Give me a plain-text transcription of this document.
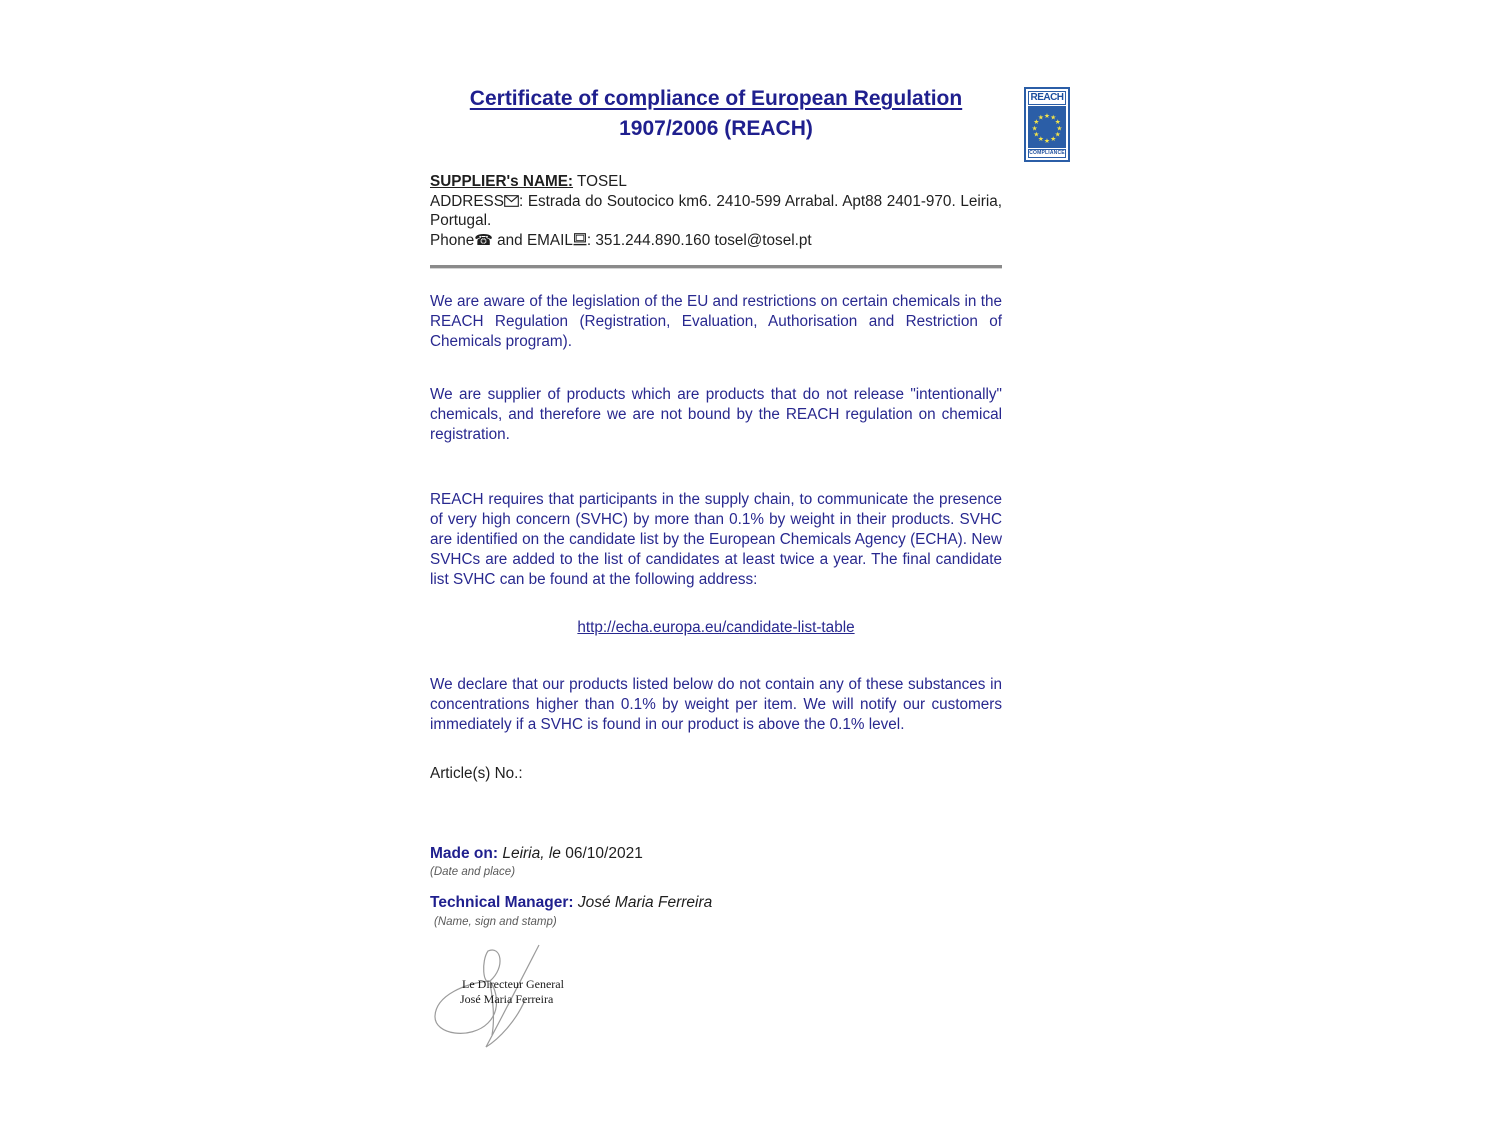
REACH
★ ★
★
★
★
★
★
★
★
★
★
★
COMPLIANCE
Certificate of compliance of European Regulation
1907/2006 (REACH)
SUPPLIER's NAME: TOSEL
ADDRESS : Estrada do Soutocico km6. 2410-599 Arrabal. Apt88 2401-970. Leiria, Portugal.
Phone☎ and EMAIL : 351.244.890.160 tosel@tosel.pt
We are aware of the legislation of the EU and restrictions on certain chemicals in the REACH Regulation (Registration, Evaluation, Authorisation and Restriction of Chemicals program).
We are supplier of products which are products that do not release "intentionally" chemicals, and therefore we are not bound by the REACH regulation on chemical registration.
REACH requires that participants in the supply chain, to communicate the presence of very high concern (SVHC) by more than 0.1% by weight in their products. SVHC are identified on the candidate list by the European Chemicals Agency (ECHA). New SVHCs are added to the list of candidates at least twice a year. The final candidate list SVHC can be found at the following address:
http://echa.europa.eu/candidate-list-table
We declare that our products listed below do not contain any of these substances in concentrations higher than 0.1% by weight per item. We will notify our customers immediately if a SVHC is found in our product is above the 0.1% level.
Article(s) No.:
Made on: Leiria, le 06/10/2021
(Date and place)
Technical Manager: José Maria Ferreira
(Name, sign and stamp)
Le Directeur General
José Maria Ferreira
